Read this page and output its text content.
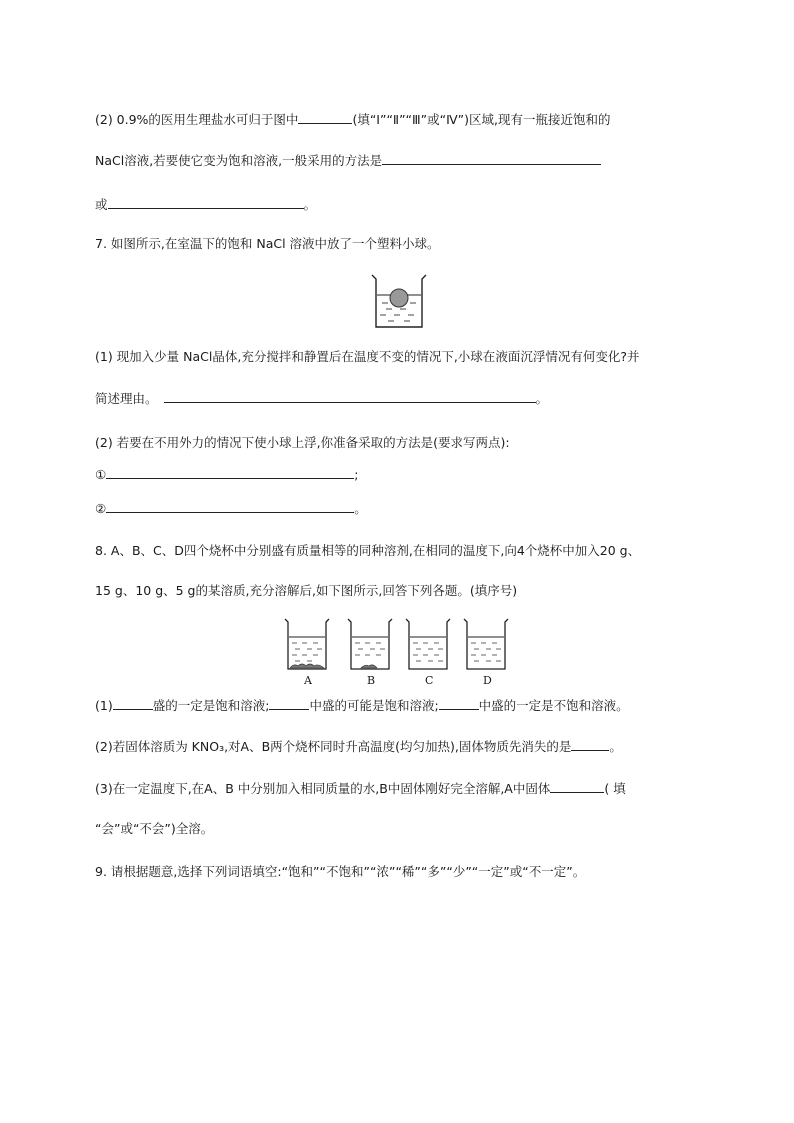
(2) 0.9%的医用生理盐水可归于图中	(填“Ⅰ”“Ⅱ”“Ⅲ”或“Ⅳ”)区域,现有一瓶接近饱和的
NaCl溶液,若要使它变为饱和溶液,一般采用的方法是
或	。
7. 如图所示,在室温下的饱和 NaCl 溶液中放了一个塑料小球。
(1) 现加入少量 NaCl晶体,充分搅拌和静置后在温度不变的情况下,小球在液面沉浮情况有何变化?并
简述理由。	。
(2) 若要在不用外力的情况下使小球上浮,你准备采取的方法是(要求写两点):
①	;
②	。
8. A、B、C、D四个烧杯中分别盛有质量相等的同种溶剂,在相同的温度下,向4个烧杯中加入20 g、
15 g、10 g、5 g的某溶质,充分溶解后,如下图所示,回答下列各题。(填序号)
A	B	C	D
(1)	盛的一定是饱和溶液;	中盛的可能是饱和溶液;	中盛的一定是不饱和溶液。
(2)若固体溶质为 KNO₃,对A、B两个烧杯同时升高温度(均匀加热),固体物质先消失的是	。
(3)在一定温度下,在A、B 中分别加入相同质量的水,B中固体刚好完全溶解,A中固体	( 填
“会”或“不会”)全溶。
9. 请根据题意,选择下列词语填空:“饱和”“不饱和”“浓”“稀”“多”“少”“一定”或“不一定”。
